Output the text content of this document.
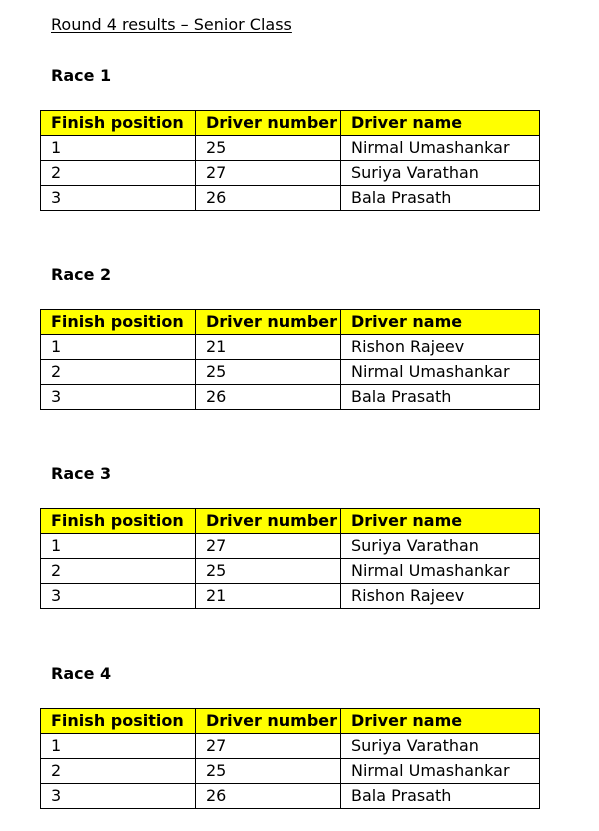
Round 4 results – Senior Class
Race 1
Finish position	Driver number	Driver name
1	25	Nirmal Umashankar
2	27	Suriya Varathan
3	26	Bala Prasath
Race 2
Finish position	Driver number	Driver name
1	21	Rishon Rajeev
2	25	Nirmal Umashankar
3	26	Bala Prasath
Race 3
Finish position	Driver number	Driver name
1	27	Suriya Varathan
2	25	Nirmal Umashankar
3	21	Rishon Rajeev
Race 4
Finish position	Driver number	Driver name
1	27	Suriya Varathan
2	25	Nirmal Umashankar
3	26	Bala Prasath
